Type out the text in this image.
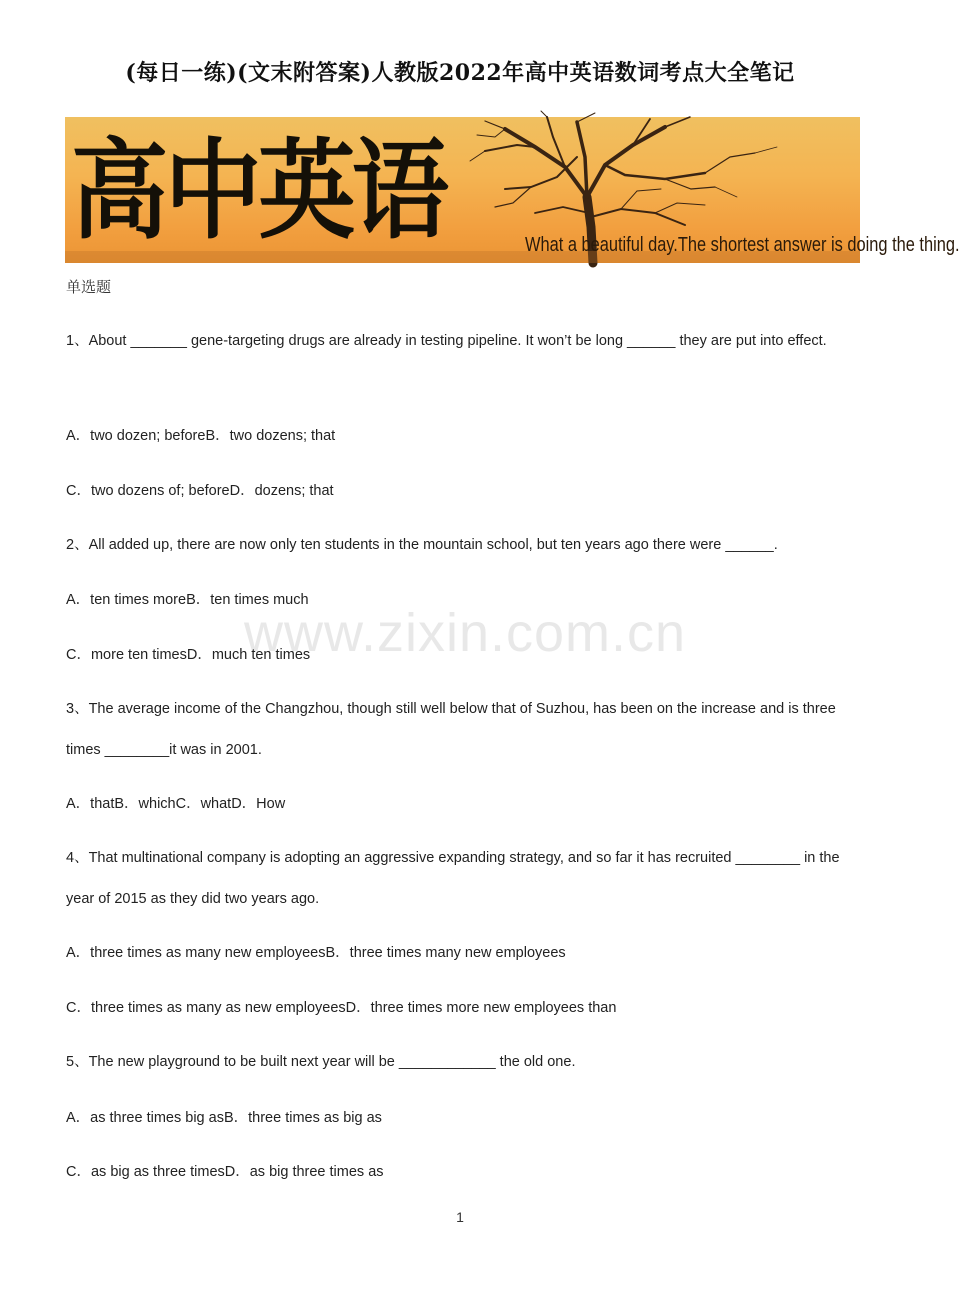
(每日一练)(文末附答案)人教版2022年高中英语数词考点大全笔记
高中英语	What a beautiful day.The shortest answer is doing the thing.
单选题
www.zixin.com.cn
1、About _______ gene-targeting drugs are already in testing pipeline. It won’t be long ______ they are put into effect.
A．two dozen; beforeB．two dozens; that
C．two dozens of; beforeD．dozens; that
2、All added up, there are now only ten students in the mountain school, but ten years ago there were ______.
A．ten times moreB．ten times much
C．more ten timesD．much ten times
3、The average income of the Changzhou, though still well below that of Suzhou, has been on the increase and is three times ________it was in 2001.
A．thatB．whichC．whatD．How
4、That multinational company is adopting an aggressive expanding strategy, and so far it has recruited ________ in the year of 2015 as they did two years ago.
A．three times as many new employeesB．three times many new employees
C．three times as many as new employeesD．three times more new employees than
5、The new playground to be built next year will be ____________ the old one.
A．as three times big asB．three times as big as
C．as big as three timesD．as big three times as
1
